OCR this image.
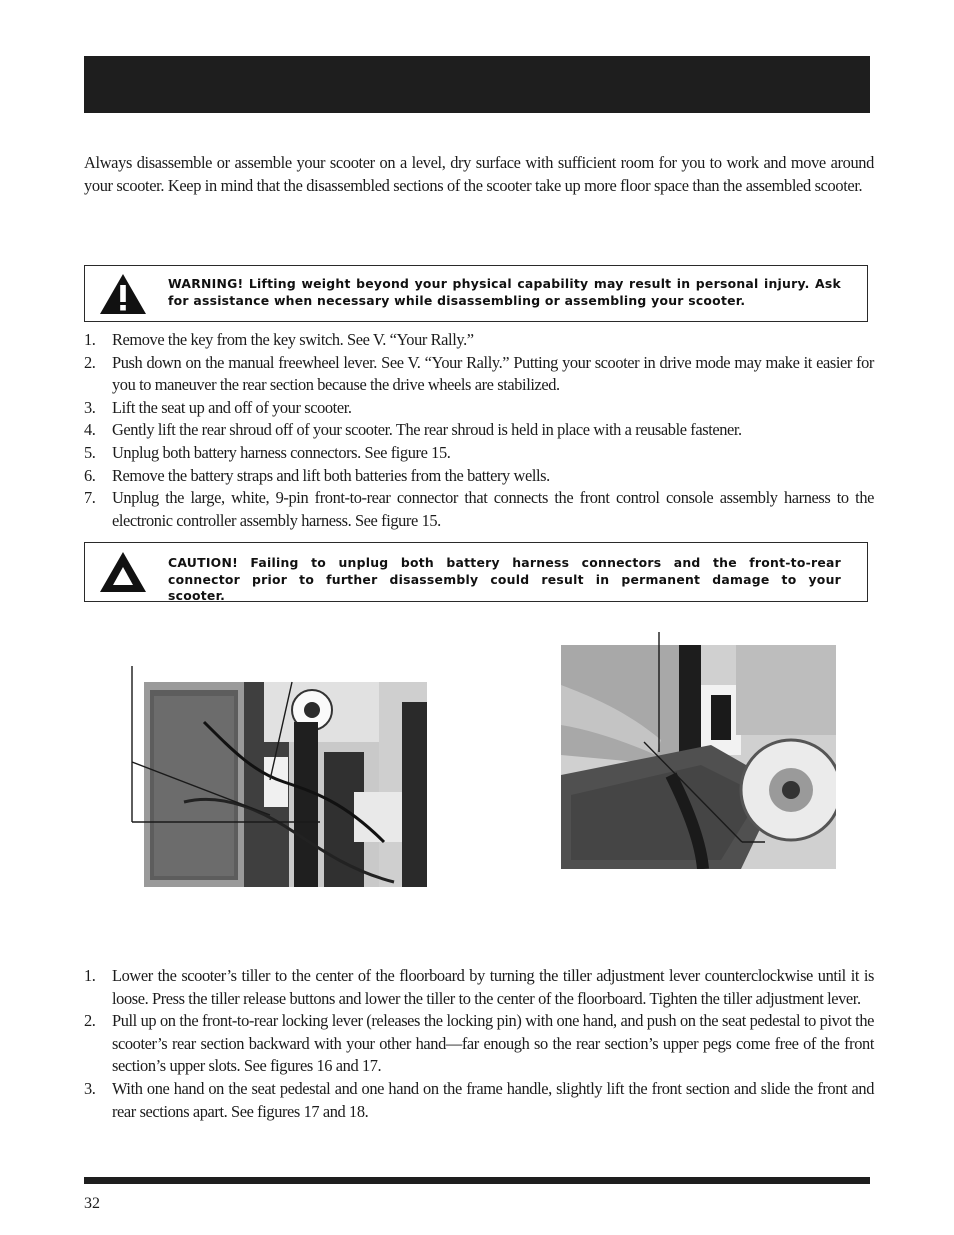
Always disassemble or assemble your scooter on a level, dry surface with sufficient room for you to work and move around your scooter. Keep in mind that the disassembled sections of the scooter take up more floor space than the assembled scooter.

WARNING! Lifting weight beyond your physical capability may result in personal injury. Ask for assistance when necessary while disassembling or assembling your scooter.
1. Remove the key from the key switch. See V. “Your Rally.”
2. Push down on the manual freewheel lever. See V. “Your Rally.” Putting your scooter in drive mode may make it easier for you to maneuver the rear section because the drive wheels are stabilized.
3. Lift the seat up and off of your scooter.
4. Gently lift the rear shroud off of your scooter. The rear shroud is held in place with a reusable fastener.
5. Unplug both battery harness connectors. See figure 15.
6. Remove the battery straps and lift both batteries from the battery wells.
7. Unplug the large, white, 9-pin front-to-rear connector that connects the front control console assembly harness to the electronic controller assembly harness. See figure 15.
CAUTION! Failing to unplug both battery harness connectors and the front-to-rear connector prior to further disassembly could result in permanent damage to your scooter.
1. Lower the scooter’s tiller to the center of the floorboard by turning the tiller adjustment lever counterclockwise until it is loose. Press the tiller release buttons and lower the tiller to the center of the floorboard. Tighten the tiller adjustment lever.
2. Pull up on the front-to-rear locking lever (releases the locking pin) with one hand, and push on the seat pedestal to pivot the scooter’s rear section backward with your other hand—far enough so the rear section’s upper pegs come free of the front section’s upper slots. See figures 16 and 17.
3. With one hand on the seat pedestal and one hand on the frame handle, slightly lift the front section and slide the front and rear sections apart. See figures 17 and 18.
32
